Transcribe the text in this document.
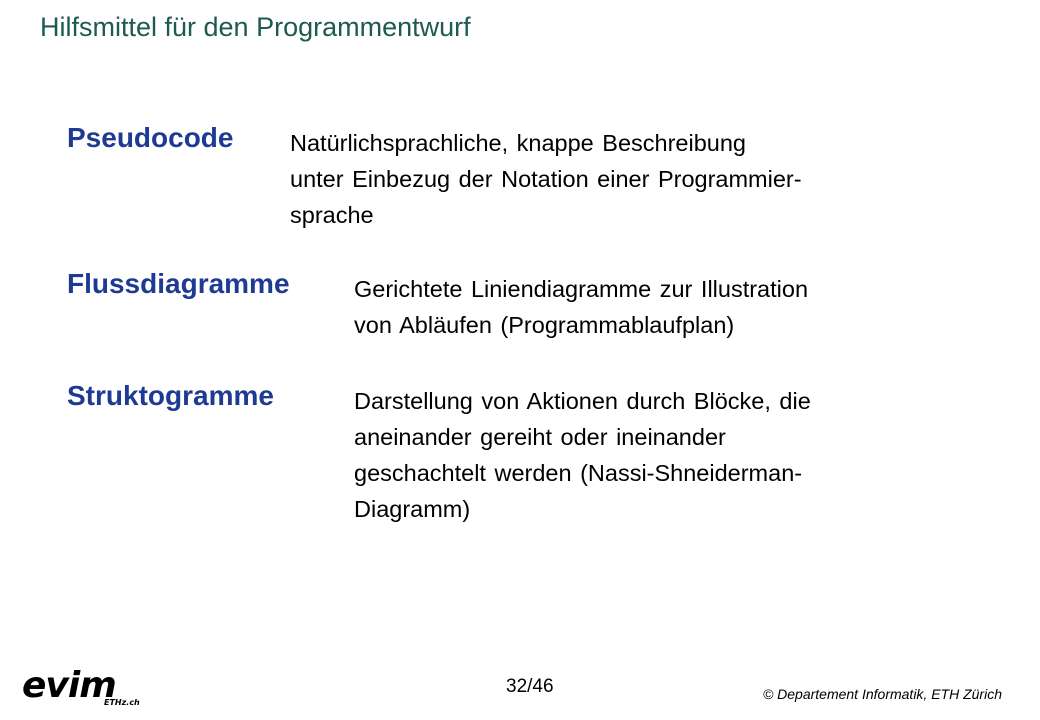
Hilfsmittel für den Programmentwurf
Pseudocode Natürlichsprachliche, knappe Beschreibung
unter Einbezug der Notation einer Programmier-
sprache
Flussdiagramme	Gerichtete Liniendiagramme zur Illustration
von Abläufen (Programmablaufplan)
Struktogramme	Darstellung von Aktionen durch Blöcke, die
aneinander gereiht oder ineinander
geschachtelt werden (Nassi-Shneiderman-
Diagramm)
evim
ETHz.ch
32/46	© Departement Informatik, ETH Zürich
